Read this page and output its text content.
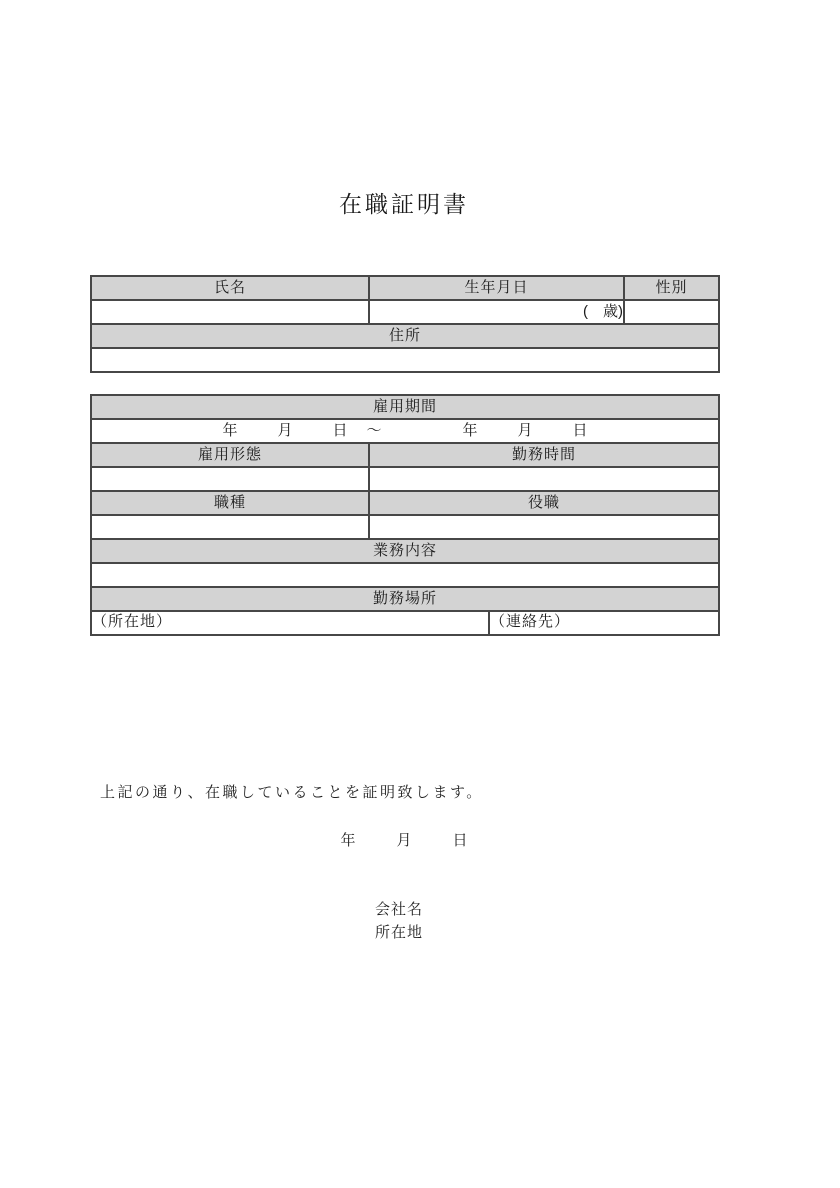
在職証明書
氏名	生年月日	性別
	(　歳)	
住所		

雇用期間		

年	月	日 ～	年	月	日

雇用形態	勤務時間	

職種	役職	

業務内容		

勤務場所		
（所在地）		（連絡先）
上記の通り、在職していることを証明致します。
年	月	日
会社名
所在地
